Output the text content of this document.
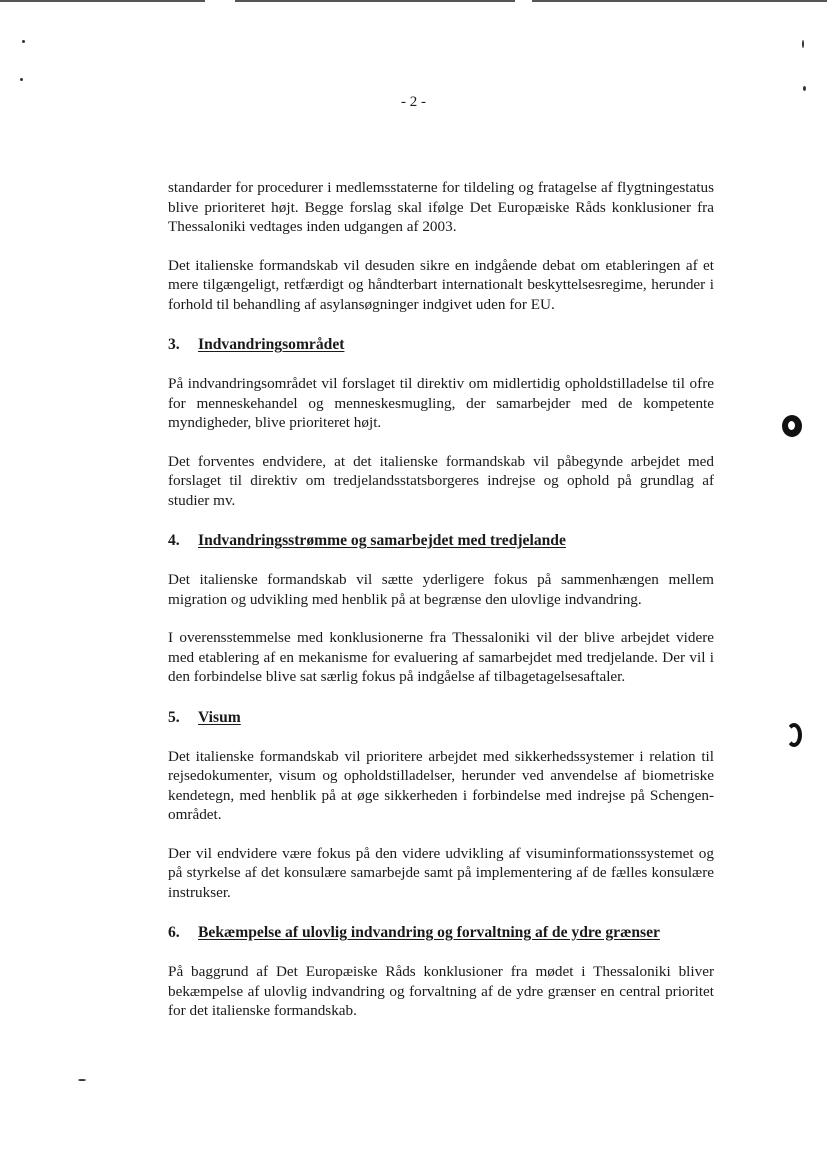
- 2 -

standarder for procedurer i medlemsstaterne for tildeling og fratagelse af flygtningestatus blive prioriteret højt. Begge forslag skal ifølge Det Europæiske Råds konklusioner fra Thessaloniki vedtages inden udgangen af 2003.

Det italienske formandskab vil desuden sikre en indgående debat om etableringen af et mere tilgængeligt, retfærdigt og håndterbart internationalt beskyttelsesregime, herunder i forhold til behandling af asylansøgninger indgivet uden for EU.

3.	Indvandringsområdet

På indvandringsområdet vil forslaget til direktiv om midlertidig opholdstilladelse til ofre for menneskehandel og menneskesmugling, der samarbejder med de kompetente myndigheder, blive prioriteret højt.

Det forventes endvidere, at det italienske formandskab vil påbegynde arbejdet med forslaget til direktiv om tredjelandsstatsborgeres indrejse og ophold på grundlag af studier mv.

4.	Indvandringsstrømme og samarbejdet med tredjelande

Det italienske formandskab vil sætte yderligere fokus på sammenhængen mellem migration og udvikling med henblik på at begrænse den ulovlige indvandring.

I overensstemmelse med konklusionerne fra Thessaloniki vil der blive arbejdet videre med etablering af en mekanisme for evaluering af samarbejdet med tredjelande. Der vil i den forbindelse blive sat særlig fokus på indgåelse af tilbagetagelsesaftaler.

5.	Visum

Det italienske formandskab vil prioritere arbejdet med sikkerhedssystemer i relation til rejsedokumenter, visum og opholdstilladelser, herunder ved anvendelse af biometriske kendetegn, med henblik på at øge sikkerheden i forbindelse med indrejse på Schengen-området.

Der vil endvidere være fokus på den videre udvikling af visuminformationssystemet og på styrkelse af det konsulære samarbejde samt på implementering af de fælles konsulære instrukser.

6.	Bekæmpelse af ulovlig indvandring og forvaltning af de ydre grænser

På baggrund af Det Europæiske Råds konklusioner fra mødet i Thessaloniki bliver bekæmpelse af ulovlig indvandring og forvaltning af de ydre grænser en central prioritet for det italienske formandskab.
